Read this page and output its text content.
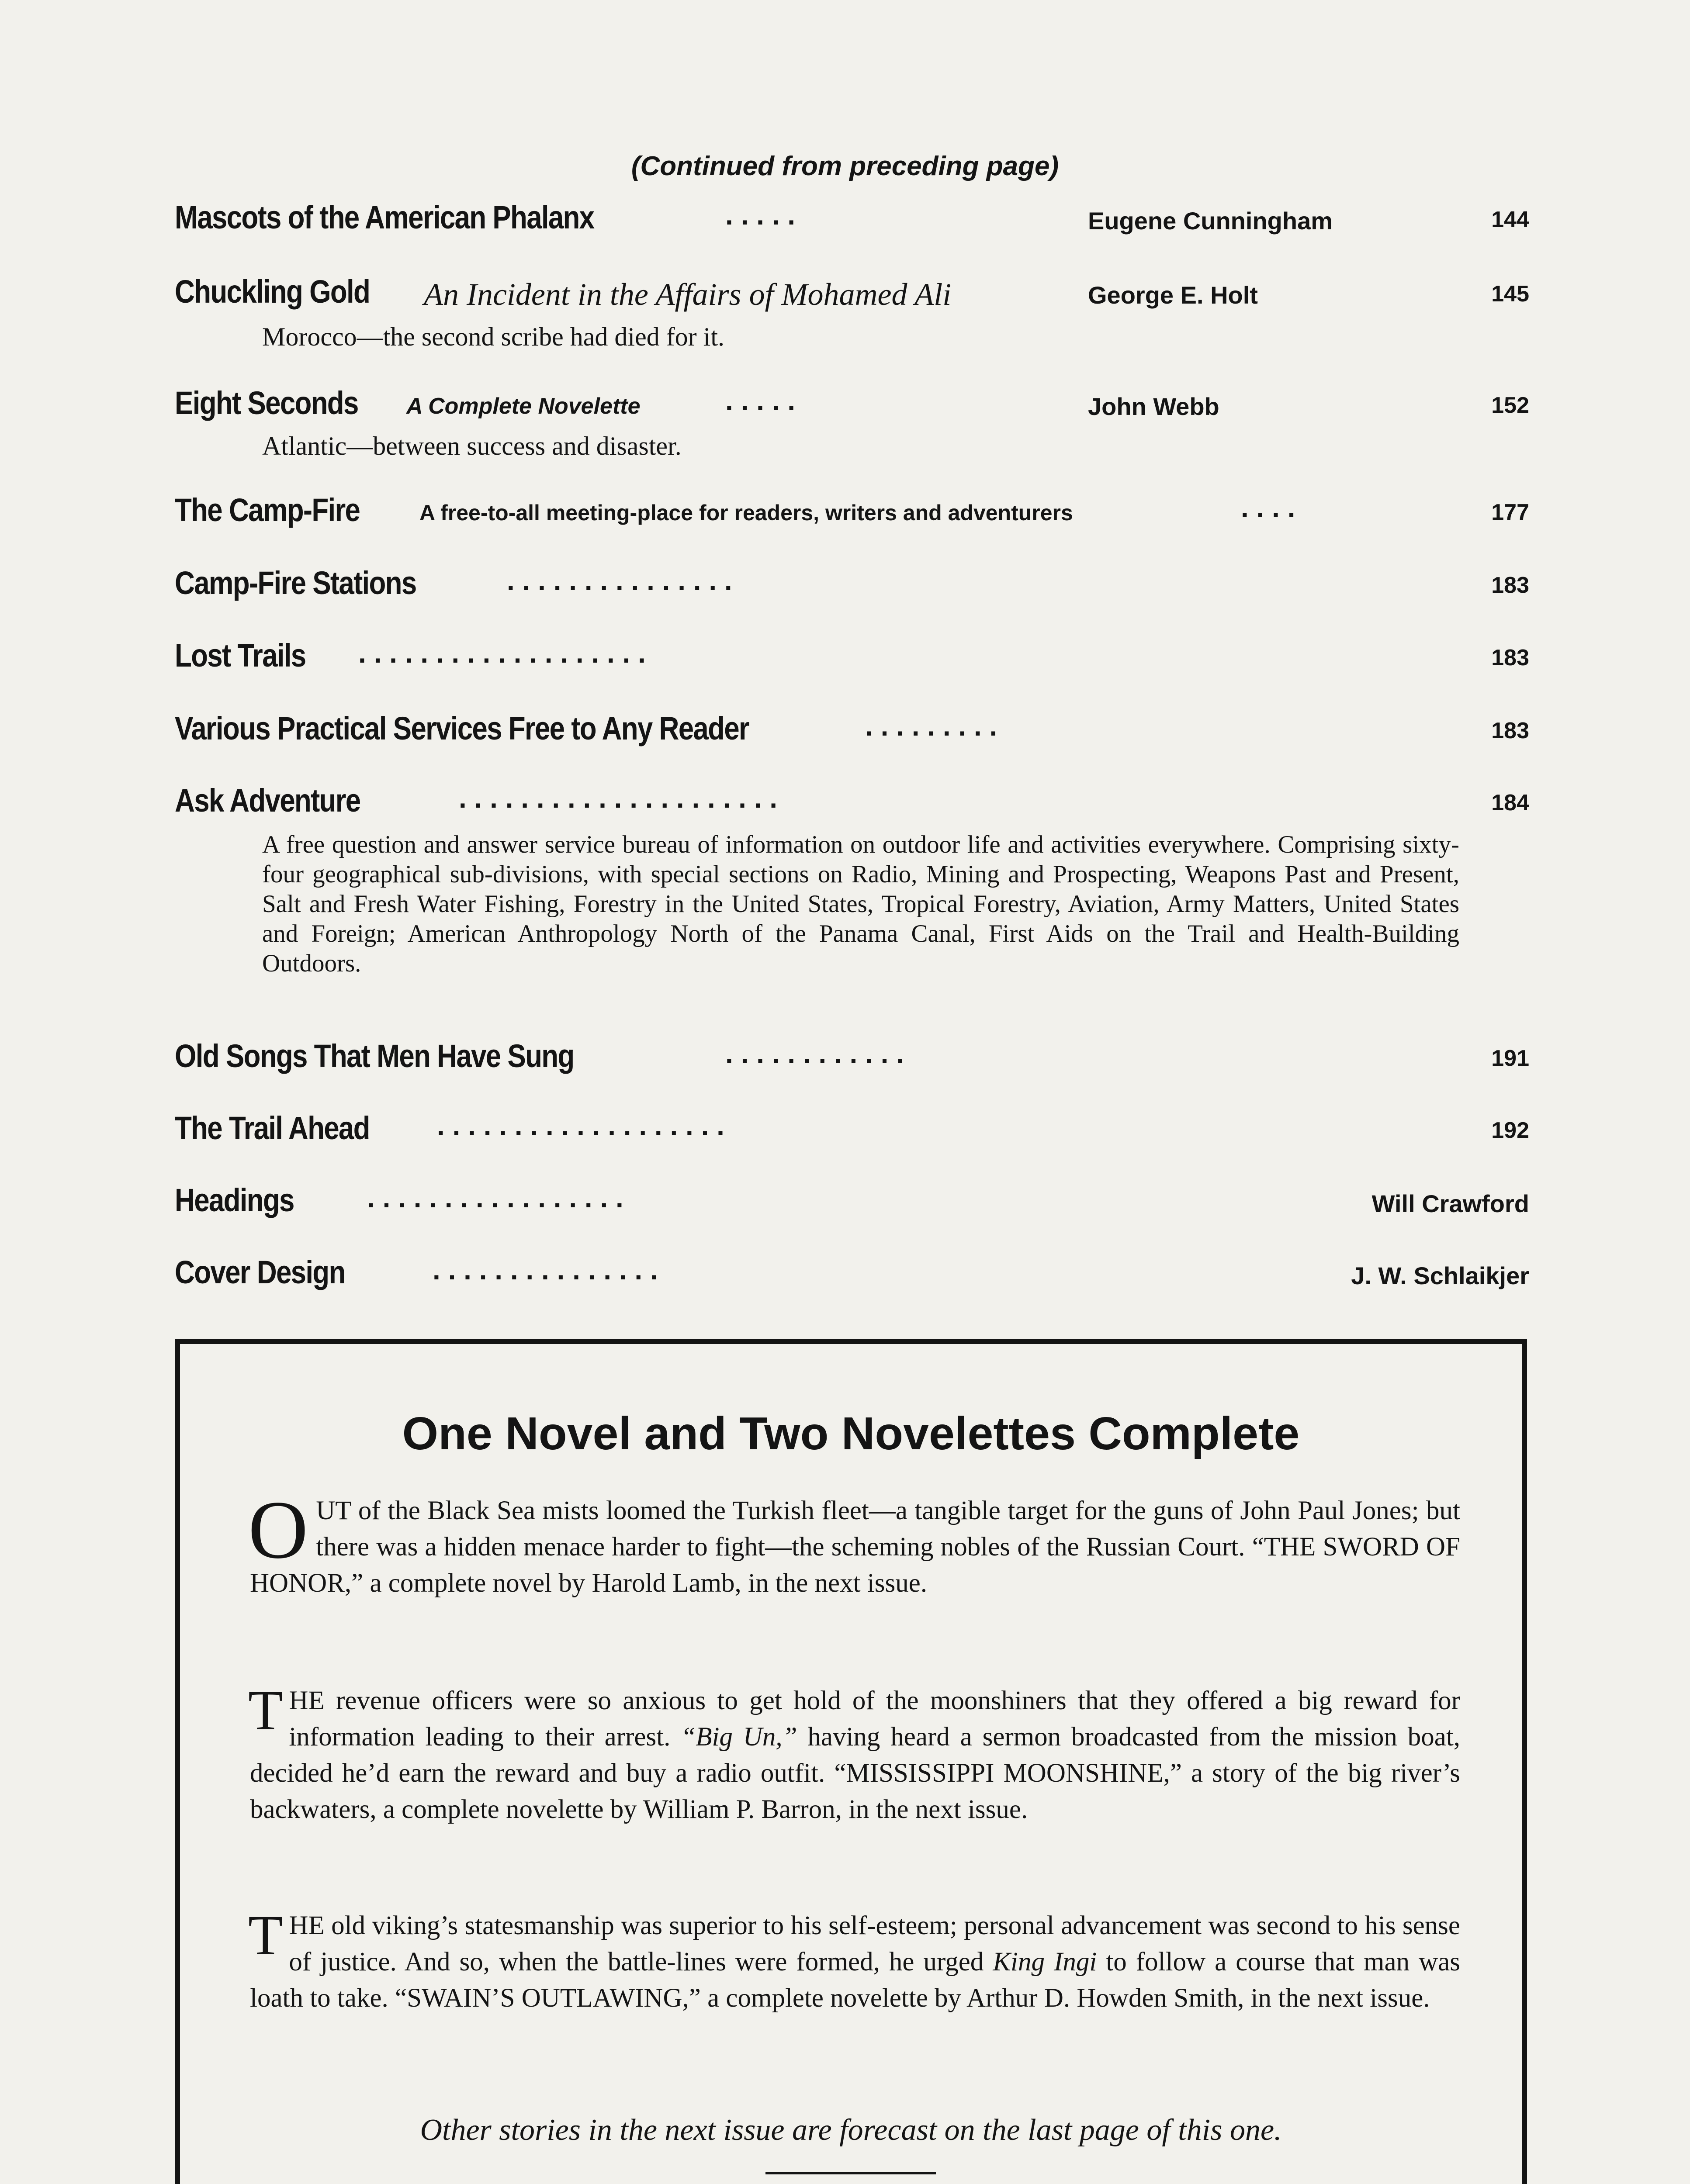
(Continued from preceding page)
Mascots of the American Phalanx	. . . . .	Eugene Cunningham	144
Chuckling Gold An Incident in the Affairs of Mohamed Ali	George E. Holt	145
Morocco—the second scribe had died for it.
Eight Seconds A Complete Novelette	. . . . .	John Webb	152
Atlantic—between success and disaster.
The Camp-Fire	A free-to-all meeting-place for readers, writers and adventurers	. . . .	177
Camp-Fire Stations	. . . . . . . . . . . . . . .	183
Lost Trails . . . . . . . . . . . . . . . . . . .	183
Various Practical Services Free to Any Reader	. . . . . . . . .	183
Ask Adventure	. . . . . . . . . . . . . . . . . . . . .	184
A free question and answer service bureau of information on outdoor life and activities everywhere. Comprising sixty-four geographical sub-divisions, with special sections on Radio, Mining and Prospecting, Weapons Past and Present, Salt and Fresh Water Fishing, Forestry in the United States, Tropical Forestry, Aviation, Army Matters, United States and Foreign; American Anthropology North of the Panama Canal, First Aids on the Trail and Health-Building Outdoors.
Old Songs That Men Have Sung	. . . . . . . . . . . .	191
The Trail Ahead . . . . . . . . . . . . . . . . . . .	192
Headings	. . . . . . . . . . . . . . . . .	Will Crawford
Cover Design	. . . . . . . . . . . . . . .	J. W. Schlaikjer
One Novel and Two Novelettes Complete
OUT of the Black Sea mists loomed the Turkish fleet—a tangible target for the guns of John Paul Jones; but there was a hidden menace harder to fight—the scheming nobles of the Russian Court. “THE SWORD OF HONOR,” a complete novel by Harold Lamb, in the next issue.
THE revenue officers were so anxious to get hold of the moonshiners that they offered a big reward for information leading to their arrest. “Big Un,” having heard a sermon broadcasted from the mission boat, decided he’d earn the reward and buy a radio outfit. “MISSISSIPPI MOONSHINE,” a story of the big river’s backwaters, a complete novelette by William P. Barron, in the next issue.
THE old viking’s statesmanship was superior to his self-esteem; personal advancement was second to his sense of justice. And so, when the battle-lines were formed, he urged King Ingi to follow a course that man was loath to take. “SWAIN’S OUTLAWING,” a complete novelette by Arthur D. Howden Smith, in the next issue.
Other stories in the next issue are forecast on the last page of this one.
